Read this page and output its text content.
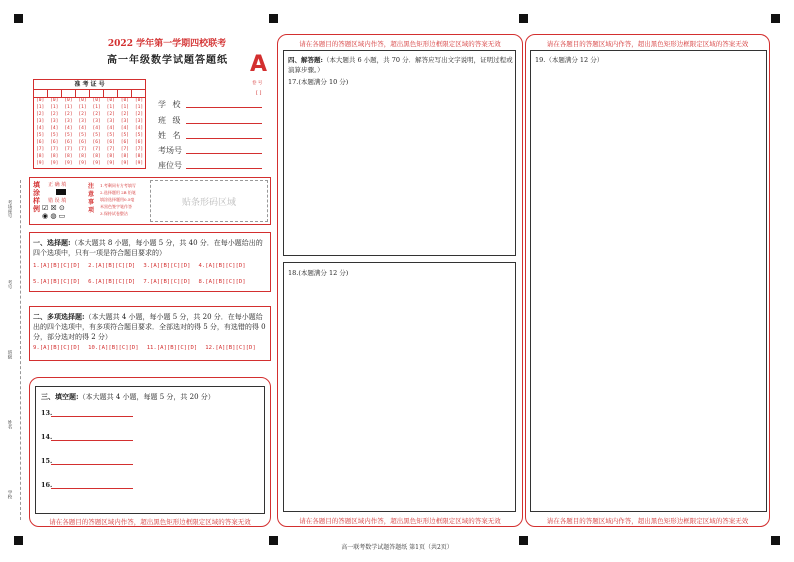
考场座号
考号
班级
姓名
学校
2022 学年第一学期四校联考
高一年级数学试题答题纸	A
卷 号
[ ]
准 考 证 号
[0]
[1]
[2]
[3]
[4]
[5]
[6]
[7]
[8]
[9]
[0]
[1]
[2]
[3]
[4]
[5]
[6]
[7]
[8]
[9]
[0]
[1]
[2]
[3]
[4]
[5]
[6]
[7]
[8]
[9]
[0]
[1]
[2]
[3]
[4]
[5]
[6]
[7]
[8]
[9]
[0]
[1]
[2]
[3]
[4]
[5]
[6]
[7]
[8]
[9]
[0]
[1]
[2]
[3]
[4]
[5]
[6]
[7]
[8]
[9]
[0]
[1]
[2]
[3]
[4]
[5]
[6]
[7]
[8]
[9]
[0]
[1]
[2]
[3]
[4]
[5]
[6]
[7]
[8]
[9]
学 校
班 级
姓 名
考场号
座位号
填涂样例
正 确 填
错 误 填
☑ ☒ ⊙
◉ ◍ ▭
注意事项
1.考剩同专方考填写
2.选择题用 2B 铅笔
填涂选择题用0.5毫
米黑色签字笔作答
3.保持试卷整洁
贴条形码区域
一、选择题:（本大题共 8 小题，每小题 5 分，共 40 分．在每小题给出的四个选项中，只有一项是符合题目要求的）
1.[A][B][C][D] 2.[A][B][C][D] 3.[A][B][C][D] 4.[A][B][C][D]
5.[A][B][C][D] 6.[A][B][C][D] 7.[A][B][C][D] 8.[A][B][C][D]
二、多项选择题:（本大题共 4 小题，每小题 5 分，共 20 分．在每小题给出的四个选项中，有多项符合题目要求．全部选对的得 5 分，有选错的得 0 分，部分选对的得 2 分）
9.[A][B][C][D] 10.[A][B][C][D] 11.[A][B][C][D] 12.[A][B][C][D]
三、填空题:（本大题共 4 小题，每题 5 分，共 20 分）
13.
14.
15.
16.
请在各题目的答题区域内作答，超出黑色矩形边框限定区域的答案无效
请在各题目的答题区域内作答，超出黑色矩形边框限定区域的答案无效
四、解答题:（本大题共 6 小题，共 70 分．解答应写出文字说明，证明过程或演算步骤。）
17.(本题满分 10 分)
18.(本题满分 12 分)
请在各题目的答题区域内作答，超出黑色矩形边框限定区域的答案无效
请在各题目的答题区域内作答，超出黑色矩形边框限定区域的答案无效
19.（本题满分 12 分）
请在各题目的答题区域内作答，超出黑色矩形边框限定区域的答案无效
高一联考数学试题答题纸 第1页（共2页）
